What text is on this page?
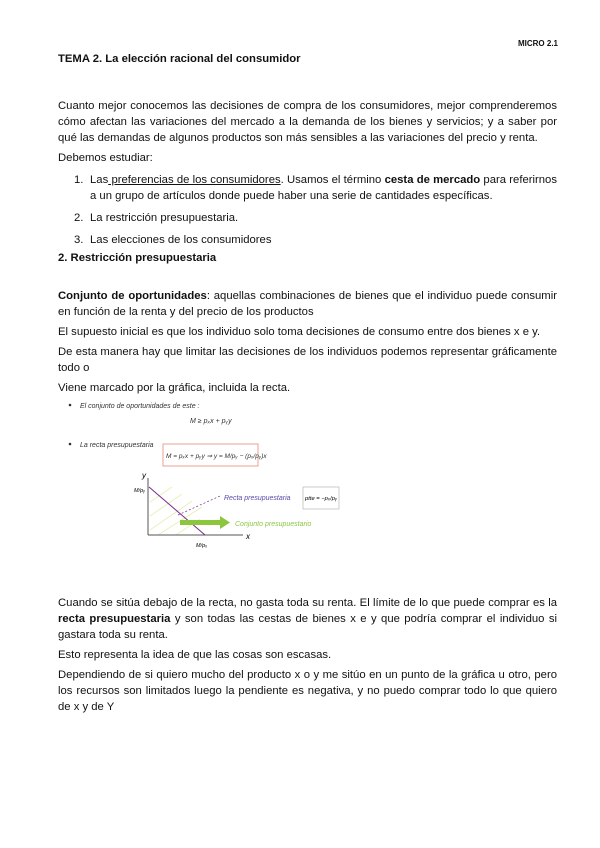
MICRO 2.1
TEMA 2. La elección racional del consumidor

Cuanto mejor conocemos las decisiones de compra de los consumidores, mejor comprenderemos cómo afectan las variaciones del mercado a la demanda de los bienes y servicios; y a saber por qué las demandas de algunos productos son más sensibles a las variaciones del precio y renta.

Debemos estudiar:

1. Las preferencias de los consumidores. Usamos el término cesta de mercado para referirnos a un grupo de artículos donde puede haber una serie de cantidades específicas.
2. La restricción presupuestaria.
3. Las elecciones de los consumidores
2. Restricción presupuestaria

Conjunto de oportunidades: aquellas combinaciones de bienes que el individuo puede consumir en función de la renta y del precio de los productos

El supuesto inicial es que los individuo solo toma decisiones de consumo entre dos bienes x e y.

De esta manera hay que limitar las decisiones de los individuos podemos representar gráficamente todo o

Viene marcado por la gráfica, incluida la recta.

El conjunto de oportunidades de este :
M ≥ pₓx + pᵧy
La recta presupuestaria
M = pₓx + pᵧy ⇒ y = M/pᵧ − (pₓ/pᵧ)x
y
x
M/pᵧ
M/pₓ
Recta presupuestaria ptte = −pₓ/pᵧ
Conjunto presupuestario

Cuando se sitúa debajo de la recta, no gasta toda su renta. El límite de lo que puede comprar es la recta presupuestaria y son todas las cestas de bienes x e y que podría comprar el individuo si gastara toda su renta.

Esto representa la idea de que las cosas son escasas.

Dependiendo de si quiero mucho del producto x o y me sitúo en un punto de la gráfica u otro, pero los recursos son limitados luego la pendiente es negativa, y no puedo comprar todo lo que quiero de x y de Y
